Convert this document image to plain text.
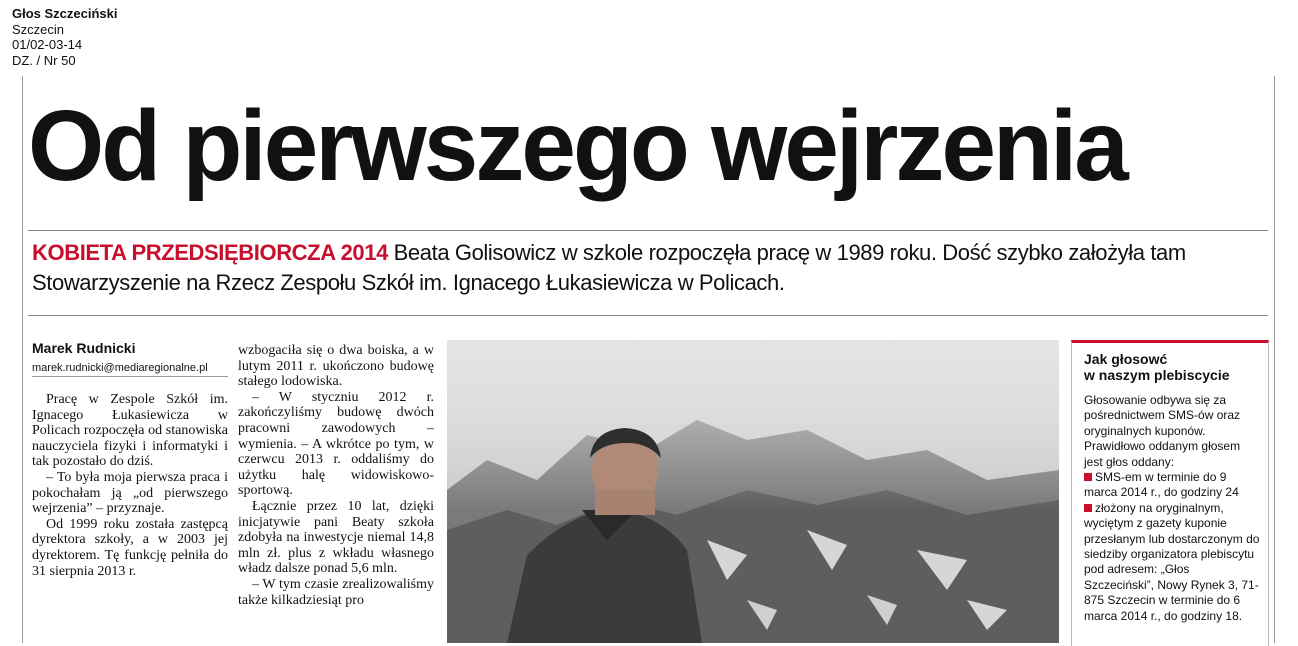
Głos Szczeciński
Szczecin
01/02-03-14
DZ. / Nr 50
Od pierwszego wejrzenia
KOBIETA PRZEDSIĘBIORCZA 2014 Beata Golisowicz w szkole rozpoczęła pracę w 1989 roku. Dość szybko założyła tam Stowarzyszenie na Rzecz Zespołu Szkół im. Ignacego Łukasiewicza w Policach.
Marek Rudnicki
marek.rudnicki@mediaregionalne.pl

Pracę w Zespole Szkół im. Ignacego Łukasiewicza w Policach rozpoczęła od stanowiska nauczyciela fizyki i informatyki i tak pozostało do dziś.

– To była moja pierwsza praca i pokochałam ją „od pierwszego wejrzenia” – przyznaje.

Od 1999 roku została zastępcą dyrektora szkoły, a w 2003 jej dyrektorem. Tę funkcję pełniła do 31 sierpnia 2013 r.

wzbogaciła się o dwa boiska, a w lutym 2011 r. ukończono budowę stałego lodowiska.

– W styczniu 2012 r. zakończyliśmy budowę dwóch pracowni zawodowych – wymienia. – A wkrótce po tym, w czerwcu 2013 r. oddaliśmy do użytku halę widowiskowo-sportową.

Łącznie przez 10 lat, dzięki inicjatywie pani Beaty szkoła zdobyła na inwestycje niemal 14,8 mln zł. plus z wkładu własnego władz dalsze ponad 5,6 mln.

– W tym czasie zrealizowaliśmy także kilkadziesiąt pro

Jak głosowć
w naszym plebiscycie

Głosowanie odbywa się za pośrednictwem SMS-ów oraz oryginalnych kuponów. Prawidłowo oddanym głosem jest głos oddany:

SMS-em w terminie do 9 marca 2014 r., do godziny 24

złożony na oryginalnym, wyciętym z gazety kuponie przesłanym lub dostarczonym do siedziby organizatora plebiscytu pod adresem: „Głos Szczeciński”, Nowy Rynek 3, 71-875 Szczecin w terminie do 6 marca 2014 r., do godziny 18.
